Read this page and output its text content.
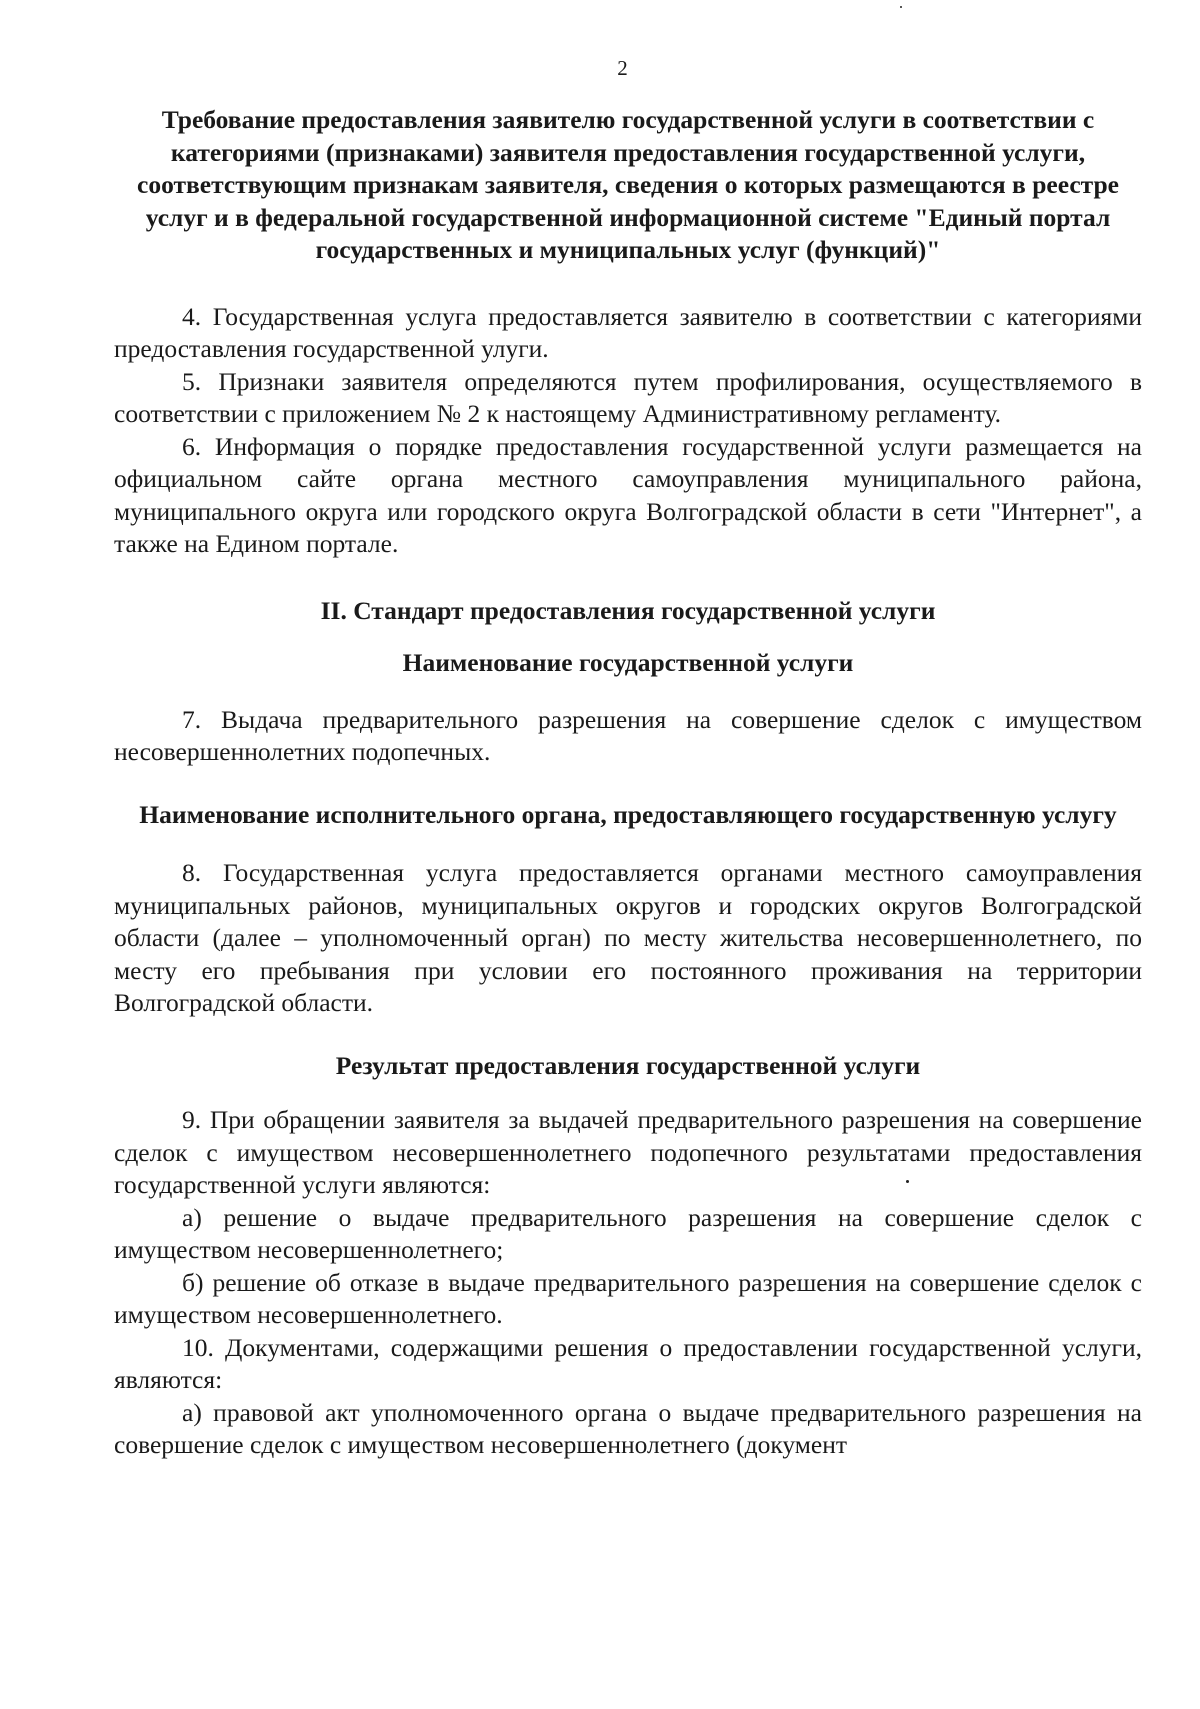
2
Требование предоставления заявителю государственной услуги в соответствии с категориями (признаками) заявителя предоставления государственной услуги, соответствующим признакам заявителя, сведения о которых размещаются в реестре услуг и в федеральной государственной информационной системе "Единый портал государственных и муниципальных услуг (функций)"

4. Государственная услуга предоставляется заявителю в соответствии с категориями предоставления государственной улуги.

5. Признаки заявителя определяются путем профилирования, осуществляемого в соответствии с приложением № 2 к настоящему Административному регламенту.

6. Информация о порядке предоставления государственной услуги размещается на официальном сайте органа местного самоуправления муниципального района, муниципального округа или городского округа Волгоградской области в сети "Интернет", а также на Едином портале.

II. Стандарт предоставления государственной услуги
Наименование государственной услуги

7. Выдача предварительного разрешения на совершение сделок с имуществом несовершеннолетних подопечных.

Наименование исполнительного органа, предоставляющего государственную услугу

8. Государственная услуга предоставляется органами местного самоуправления муниципальных районов, муниципальных округов и городских округов Волгоградской области (далее – уполномоченный орган) по месту жительства несовершеннолетнего, по месту его пребывания при условии его постоянного проживания на территории Волгоградской области.

Результат предоставления государственной услуги

9. При обращении заявителя за выдачей предварительного разрешения на совершение сделок с имуществом несовершеннолетнего подопечного результатами предоставления государственной услуги являются:

а) решение о выдаче предварительного разрешения на совершение сделок с имуществом несовершеннолетнего;

б) решение об отказе в выдаче предварительного разрешения на совершение сделок с имуществом несовершеннолетнего.

10. Документами, содержащими решения о предоставлении государственной услуги, являются:

а) правовой акт уполномоченного органа о выдаче предварительного разрешения на совершение сделок с имуществом несовершеннолетнего (документ
